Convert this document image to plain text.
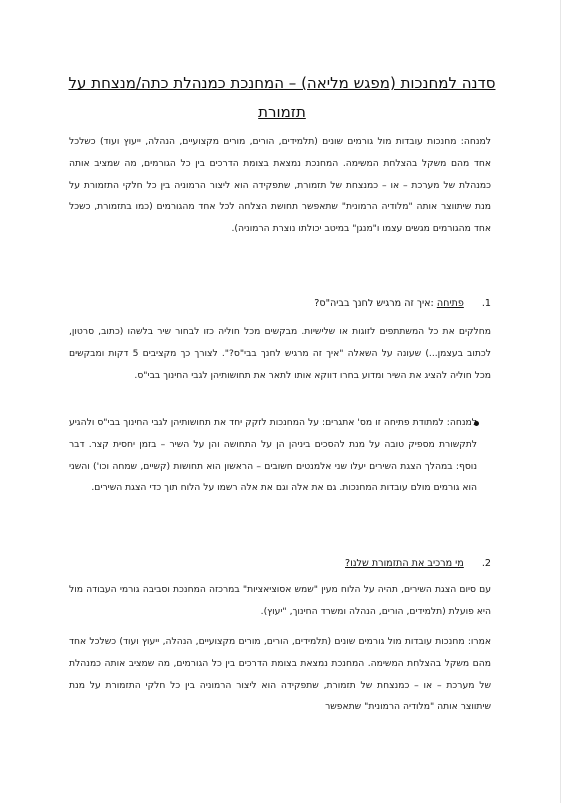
סדנה למחנכות (מפגש מליאה) – המחנכת כמנהלת כתה/מנצחת על תזמורת

למנחה: מחנכות עובדות מול גורמים שונים (תלמידים, הורים, מורים מקצועיים, הנהלה, ייעוץ ועוד) כשלכל אחד מהם משקל בהצלחת המשימה. המחנכת נמצאת בצומת הדרכים בין כל הגורמים, מה שמציב אותה כמנהלת של מערכת – או – כמנצחת של תזמורת, שתפקידה הוא ליצור הרמוניה בין כל חלקי התזמורת על מנת שיתווצר אותה "מלודיה הרמונית" שתאפשר תחושת הצלחה לכל אחד מהגורמים (כמו בתזמורת, כשכל אחד מהגורמים מגשים עצמו ו"מנגן" במיטב יכולתו נוצרת הרמוניה).

1.פתיחה :איך זה מרגיש לחנך בביה"ס?

מחלקים את כל המשתתפים לזוגות או שלישיות. מבקשים מכל חוליה כזו לבחור שיר בלשהו (כתוב, סרטון, לכתוב בעצמן...) שעונה על השאלה "איך זה מרגיש לחנך בבי"ס?". לצורך כך מקציבים 5 דקות ומבקשים מכל חוליה להציג את השיר ומדוע בחרו דווקא אותו לתאר את תחושותיהן לגבי החינוך בבי"ס.

למנחה: למתודת פתיחה זו מס' אתגרים: על המחנכות לזקק יחד את תחושותיהן לגבי החינוך בבי"ס ולהגיע לתקשורת מספיק טובה על מנת להסכים ביניהן הן על התחושה והן על השיר – בזמן יחסית קצר. דבר נוסף: במהלך הצגת השירים יעלו שני אלמנטים חשובים – הראשון הוא תחושות (קשיים, שמחה וכו') והשני הוא גורמים מולם עובדות המחנכות. גם את אלה וגם את אלה רשמו על הלוח תוך כדי הצגת השירים.

2.מי מרכיב את התזמורת שלנו?

עם סיום הצגת השירים, תהיה על הלוח מעין "שמש אסוציאציות" במרכזה המחנכת וסביבה גורמי העבודה מול היא פועלת (תלמידים, הורים, הנהלה ומשרד החינוך, "יעוץ).

אמרו: מחנכות עובדות מול גורמים שונים (תלמידים, הורים, מורים מקצועיים, הנהלה, ייעוץ ועוד) כשלכל אחד מהם משקל בהצלחת המשימה. המחנכת נמצאת בצומת הדרכים בין כל הגורמים, מה שמציב אותה כמנהלת של מערכת – או – כמנצחת של תזמורת, שתפקידה הוא ליצור הרמוניה בין כל חלקי התזמורת על מנת שיתווצר אותה "מלודיה הרמונית" שתאפשר
